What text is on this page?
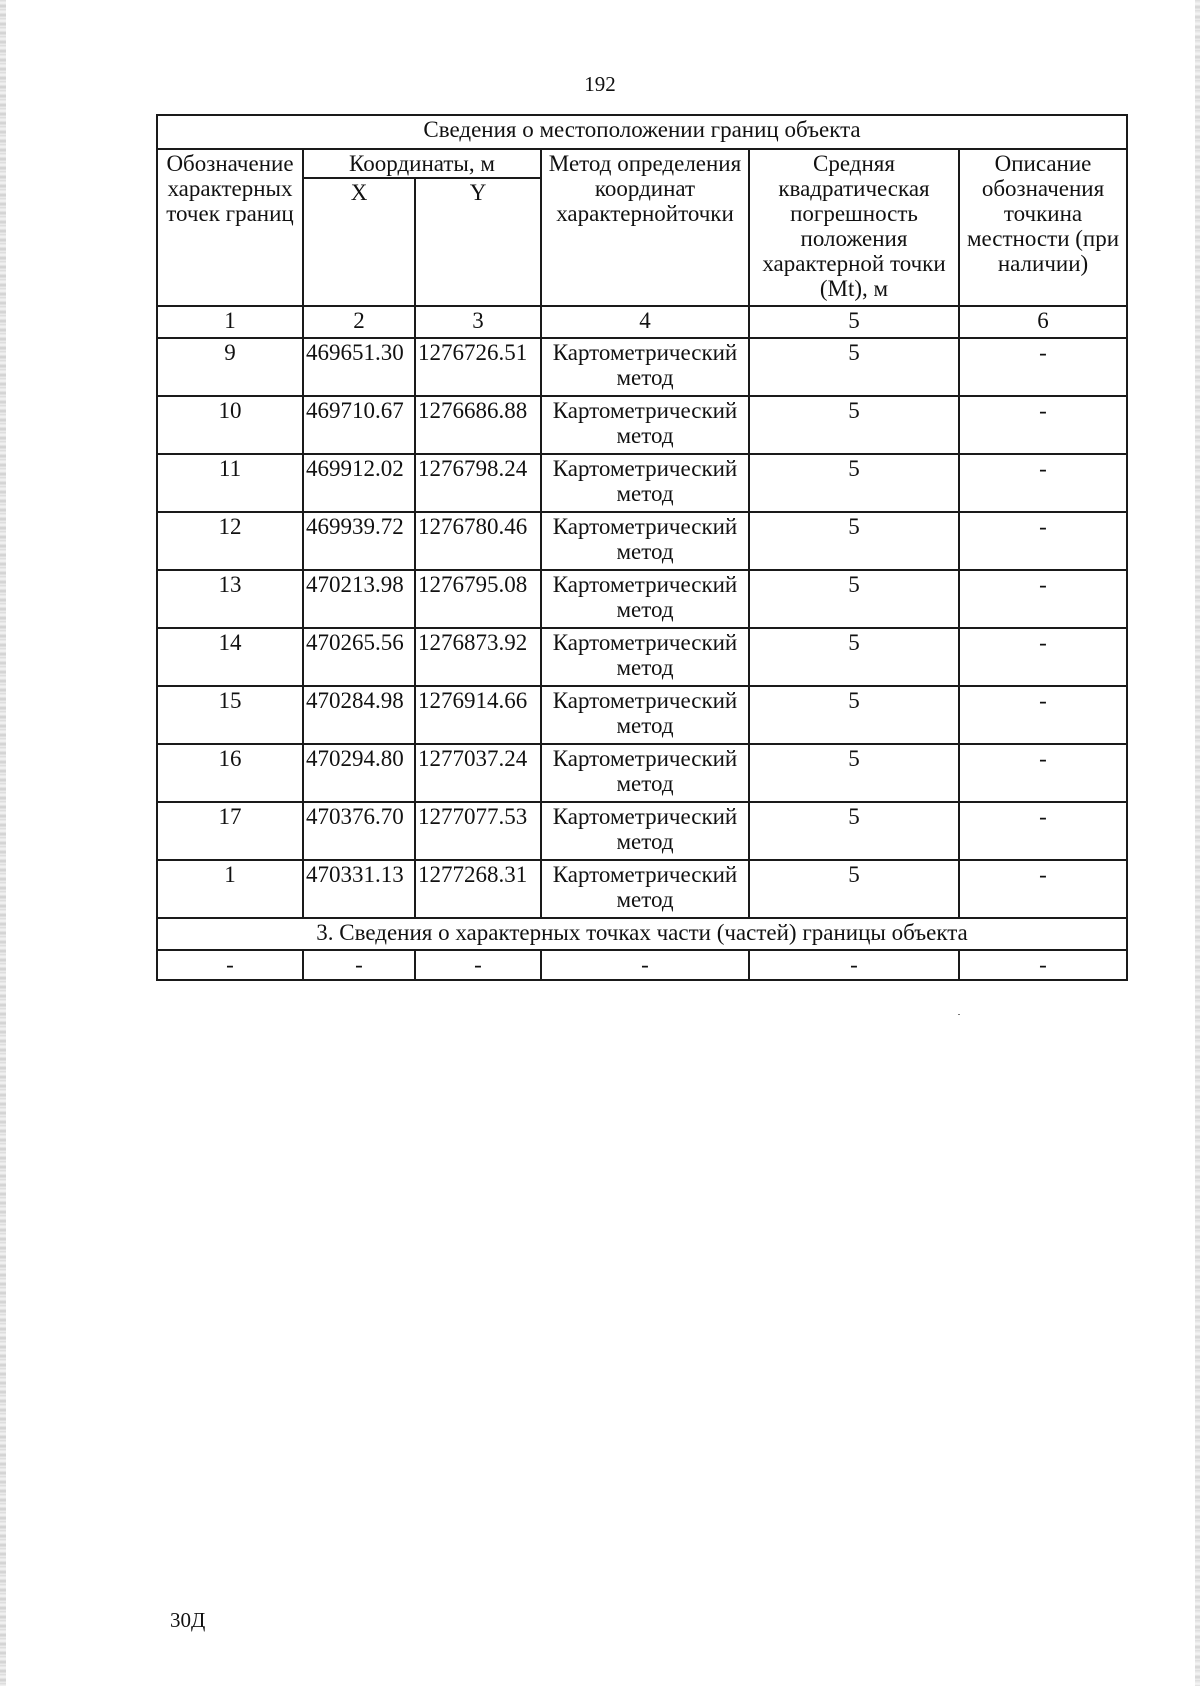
192
Сведения о местоположении границ объекта					
Обозначение характерных точек границ	Координаты, м		Метод определения координат характернойточки	Средняя квадратическая погрешность положения характерной точки (Mt), м	Описание обозначения точкина местности (при наличии)
	X	Y			
1	2	3	4	5	6
9	469651.30	1276726.51	Картометрический метод	5	-
10	469710.67	1276686.88	Картометрический метод	5	-
11	469912.02	1276798.24	Картометрический метод	5	-
12	469939.72	1276780.46	Картометрический метод	5	-
13	470213.98	1276795.08	Картометрический метод	5	-
14	470265.56	1276873.92	Картометрический метод	5	-
15	470284.98	1276914.66	Картометрический метод	5	-
16	470294.80	1277037.24	Картометрический метод	5	-
17	470376.70	1277077.53	Картометрический метод	5	-
1	470331.13	1277268.31	Картометрический метод	5	-
3. Сведения о характерных точках части (частей) границы объекта					
-	-	-	-	-	-
30Д
